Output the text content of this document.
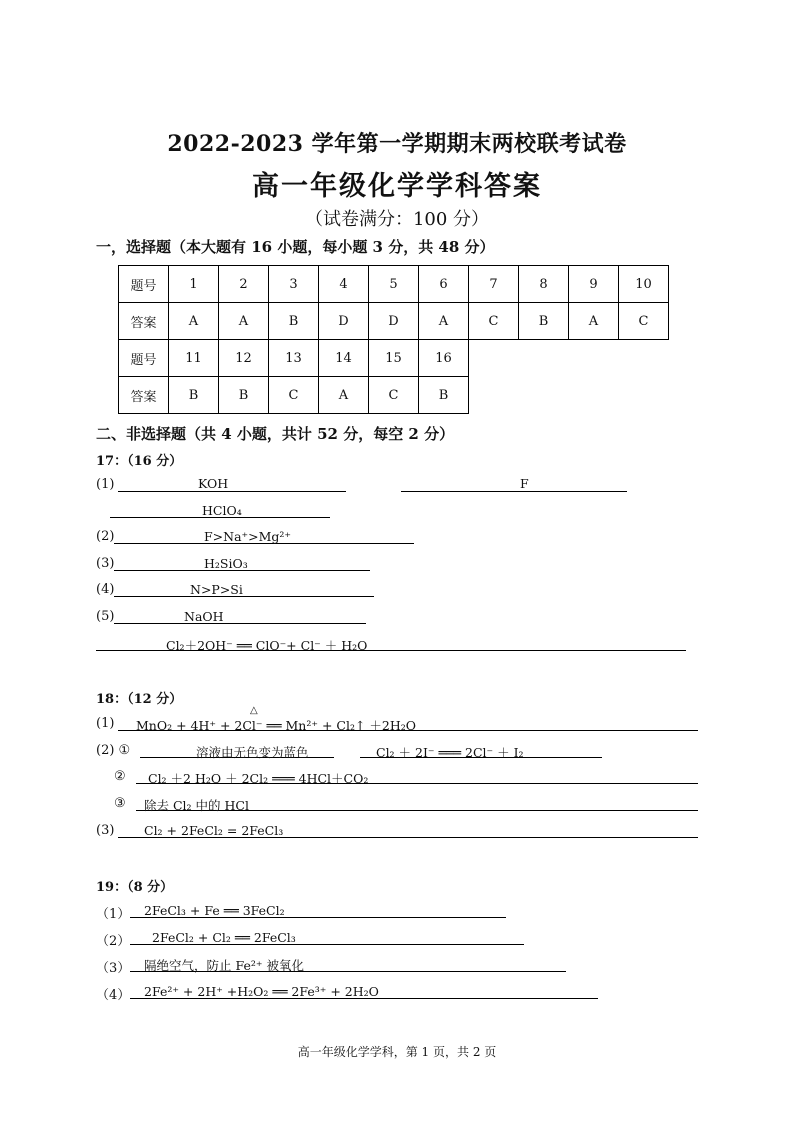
2022-2023 学年第一学期期末两校联考试卷
高一年级化学学科答案
（试卷满分：100 分）
一，选择题（本大题有 16 小题，每小题 3 分，共 48 分）
题号	1	2	3	4	5	6	7	8	9	10
答案	A	A	B	D	D	A	C	B	A	C
题号	11	12	13	14	15	16				
答案	B	B	C	A	C	B				
二、非选择题（共 4 小题，共计 52 分，每空 2 分）
17：（16 分）
(1)	KOH	F
HClO₄
(2)	F>Na⁺>Mg²⁺
(3)	H₂SiO₃
(4)	N>P>Si
(5)	NaOH
Cl₂＋2OH⁻ ══ ClO⁻+ Cl⁻ ＋ H₂O
18：（12 分）
(1) MnO₂ + 4H⁺ + 2Cl⁻ ══ Mn²⁺ + Cl₂↑ ＋2H₂O
△
(2) ①	溶液由无色变为蓝色	Cl₂ ＋ 2I⁻ ═══ 2Cl⁻ ＋ I₂
② Cl₂ ＋2 H₂O ＋ 2Cl₂ ═══ 4HCl＋CO₂
③ 除去 Cl₂ 中的 HCl
(3) Cl₂ + 2FeCl₂ = 2FeCl₃
19：（8 分）
（1） 2FeCl₃ + Fe ══ 3FeCl₂
（2） 2FeCl₂ + Cl₂ ══ 2FeCl₃
（3） 隔绝空气，防止 Fe²⁺ 被氧化
（4） 2Fe²⁺ + 2H⁺ +H₂O₂ ══ 2Fe³⁺ + 2H₂O
高一年级化学学科，第 1 页，共 2 页
